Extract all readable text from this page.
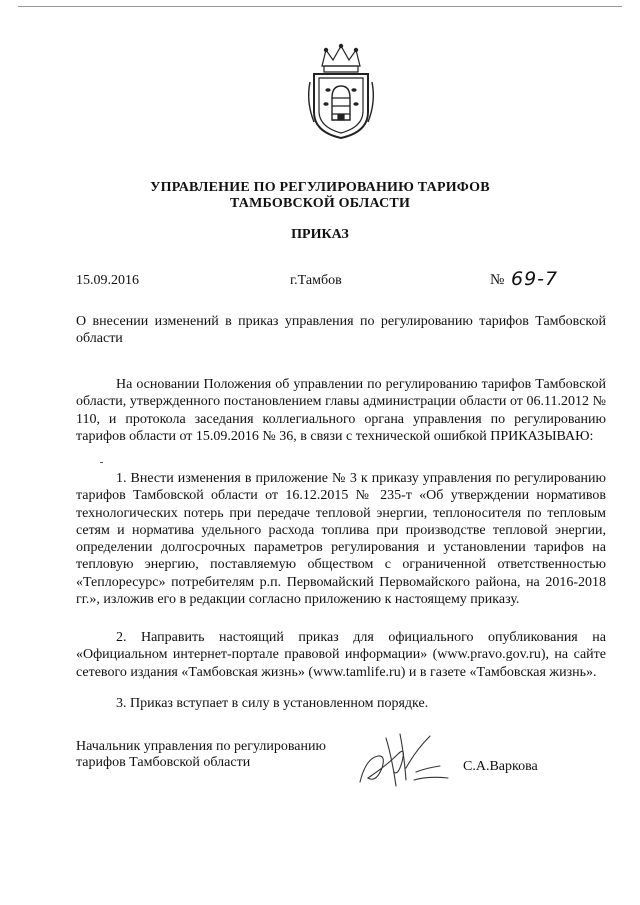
УПРАВЛЕНИЕ ПО РЕГУЛИРОВАНИЮ ТАРИФОВ
ТАМБОВСКОЙ ОБЛАСТИ
ПРИКАЗ
15.09.2016	г.Тамбов	№ 69-7
О внесении изменений в приказ управления по регулированию тарифов Тамбовской области
На основании Положения об управлении по регулированию тарифов Тамбовской области, утвержденного постановлением главы администрации области от 06.11.2012 № 110, и протокола заседания коллегиального органа управления по регулированию тарифов области от 15.09.2016 № 36, в связи с технической ошибкой ПРИКАЗЫВАЮ:
1. Внести изменения в приложение № 3 к приказу управления по регулированию тарифов Тамбовской области от 16.12.2015 № 235-т «Об утверждении нормативов технологических потерь при передаче тепловой энергии, теплоносителя по тепловым сетям и норматива удельного расхода топлива при производстве тепловой энергии, определении долгосрочных параметров регулирования и установлении тарифов на тепловую энергию, поставляемую обществом с ограниченной ответственностью «Теплоресурс» потребителям р.п. Первомайский Первомайского района, на 2016-2018 гг.», изложив его в редакции согласно приложению к настоящему приказу.
2. Направить настоящий приказ для официального опубликования на «Официальном интернет-портале правовой информации» (www.pravo.gov.ru), на сайте сетевого издания «Тамбовская жизнь» (www.tamlife.ru) и в газете «Тамбовская жизнь».
3. Приказ вступает в силу в установленном порядке.
Начальник управления по регулированию
тарифов Тамбовской области	С.А.Варкова
